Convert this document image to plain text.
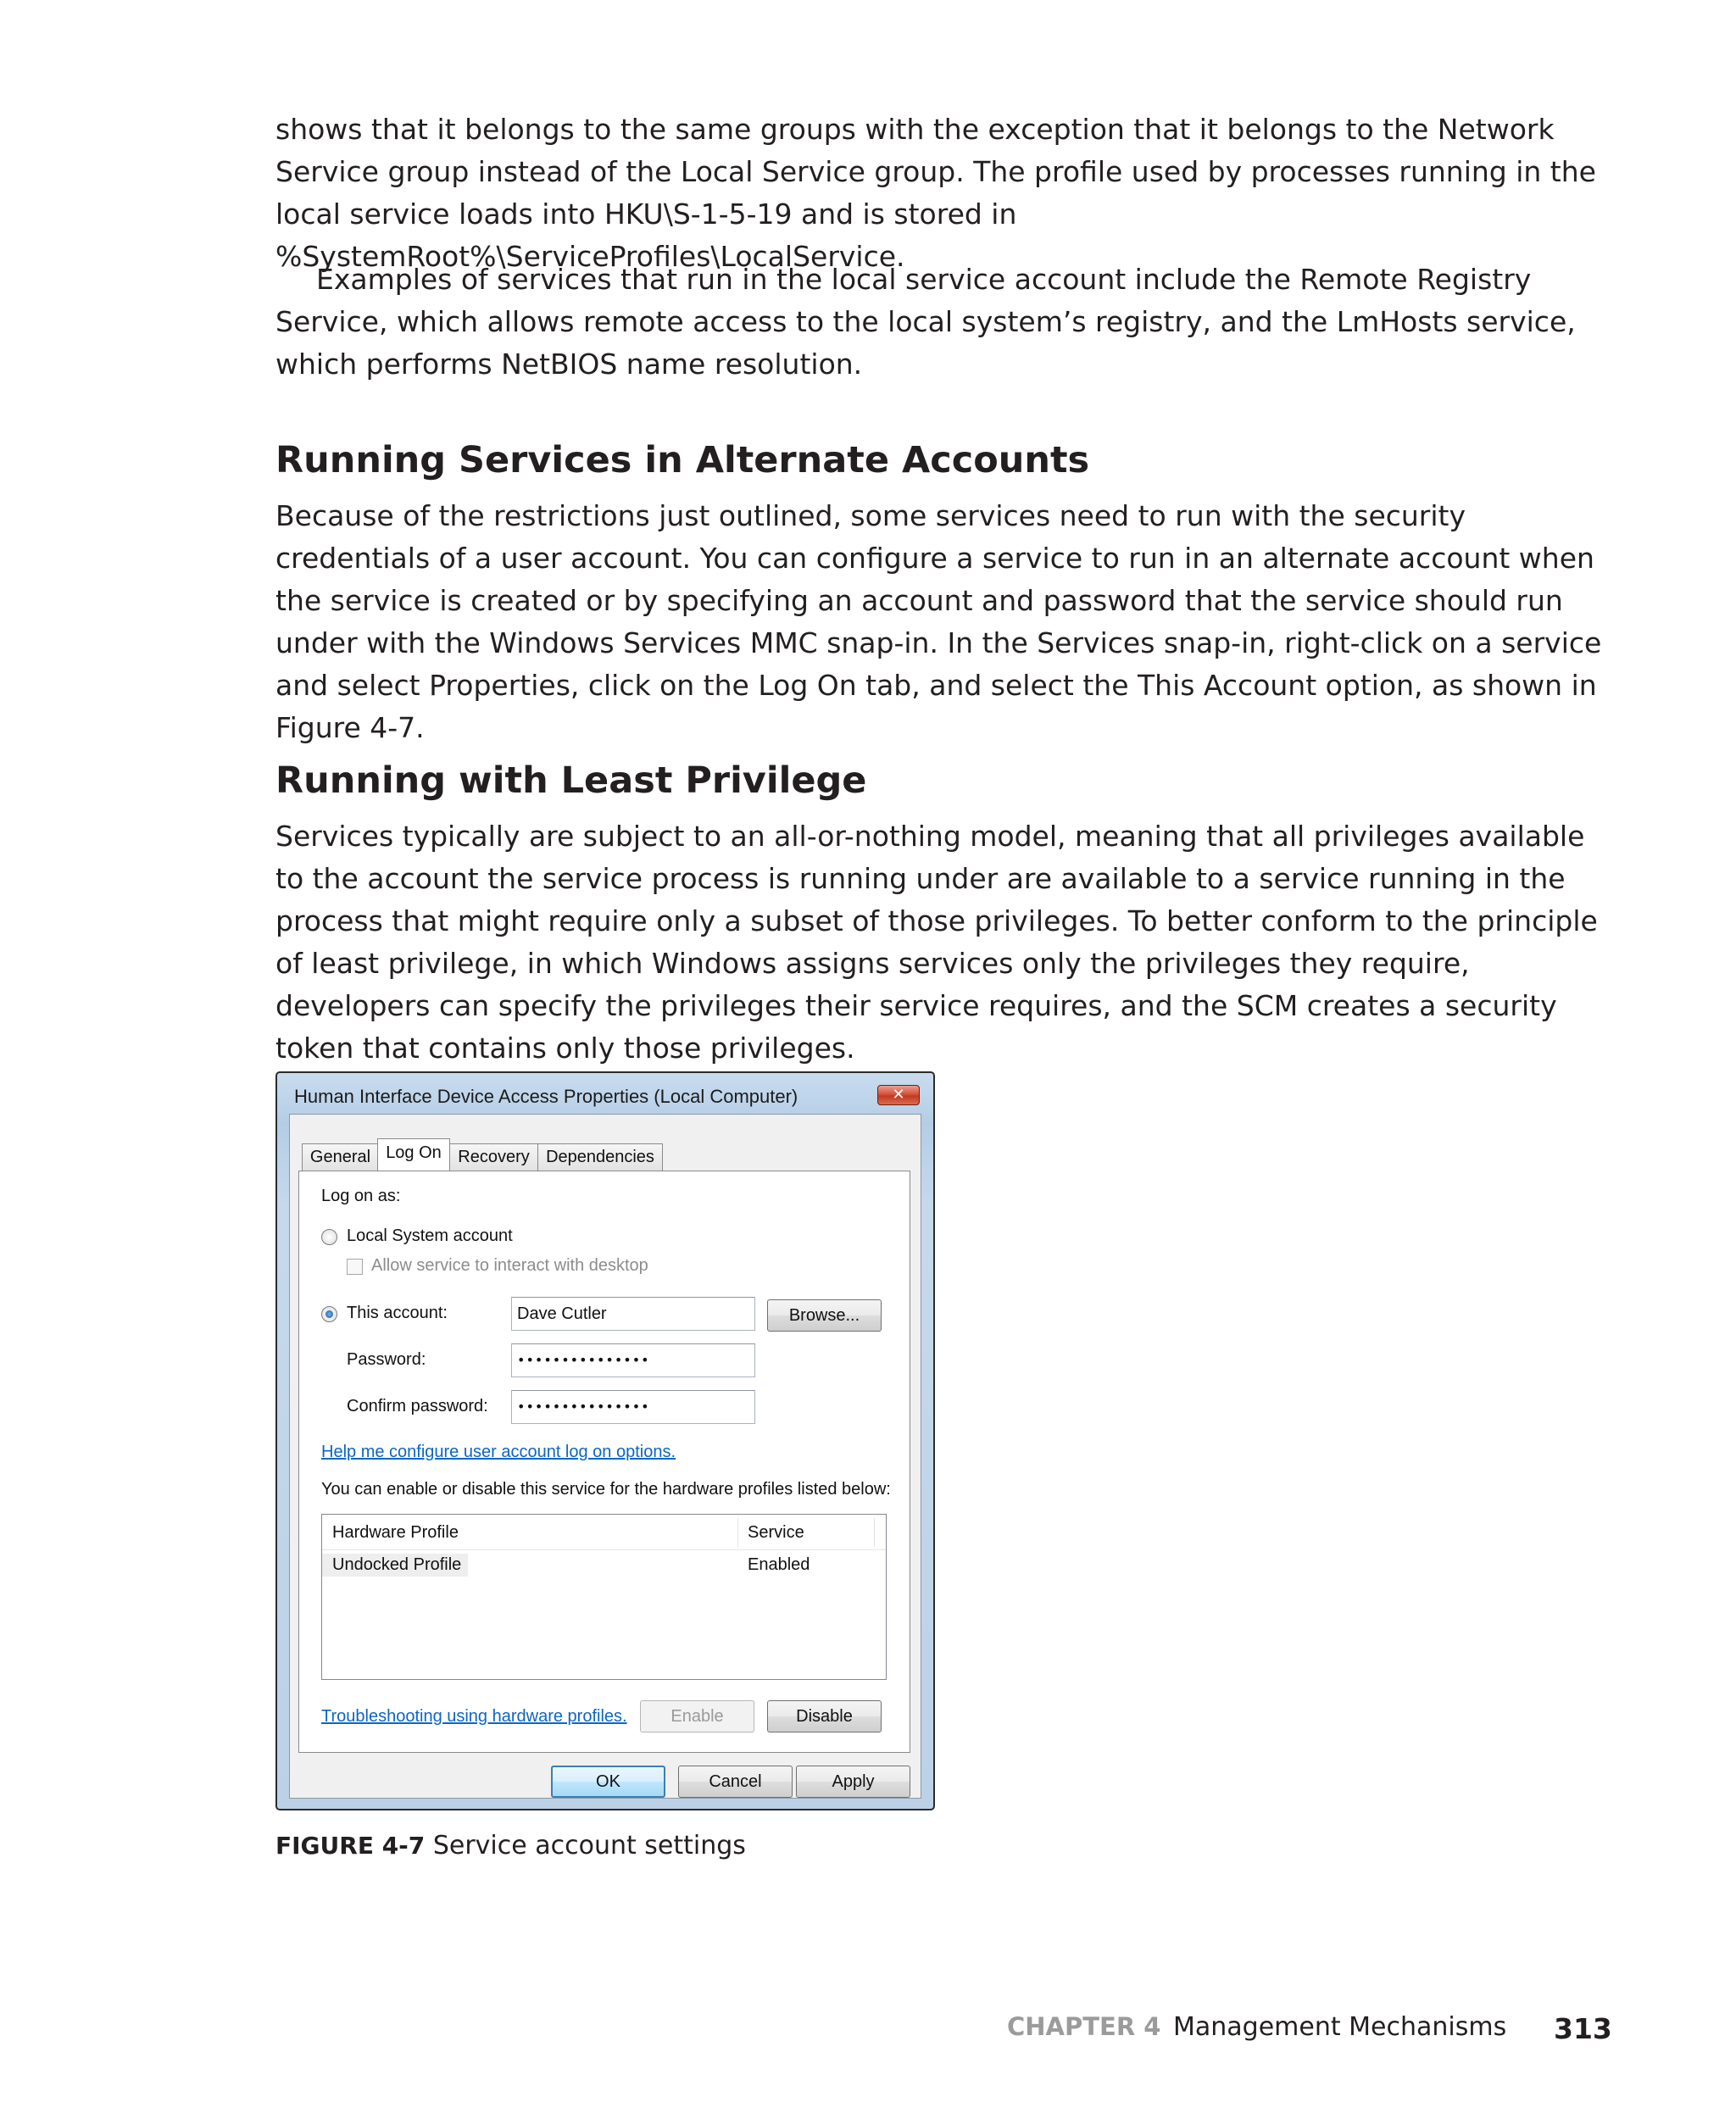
shows that it belongs to the same groups with the exception that it belongs to the Network Service group instead of the Local Service group. The profile used by processes running in the local service loads into HKU\S-1-5-19 and is stored in %SystemRoot%\ServiceProfiles\LocalService.

Examples of services that run in the local service account include the Remote Registry Service, which allows remote access to the local system’s registry, and the LmHosts service, which performs NetBIOS name resolution.

Running Services in Alternate Accounts

Because of the restrictions just outlined, some services need to run with the security credentials of a user account. You can configure a service to run in an alternate account when the service is created or by specifying an account and password that the service should run under with the Windows Services MMC snap-in. In the Services snap-in, right-click on a service and select Properties, click on the Log On tab, and select the This Account option, as shown in Figure 4-7.

Running with Least Privilege

Services typically are subject to an all-or-nothing model, meaning that all privileges available to the account the service process is running under are available to a service running in the process that might require only a subset of those privileges. To better conform to the principle of least privilege, in which Windows assigns services only the privileges they require, developers can specify the privileges their service requires, and the SCM creates a security token that contains only those privileges.

Human Interface Device Access Properties (Local Computer)	✕
General Log On Recovery Dependencies
Log on as:
Local System account
Allow service to interact with desktop
This account:	Dave Cutler	Browse...
Password:	•••••••••••••••
Confirm password:	•••••••••••••••
Help me configure user account log on options.
You can enable or disable this service for the hardware profiles listed below:
Hardware Profile	Service
Undocked Profile	Enabled
Troubleshooting using hardware profiles.	Enable	Disable
OK	Cancel	Apply
FIGURE 4-7 Service account settings
CHAPTER 4 Management Mechanisms 313
